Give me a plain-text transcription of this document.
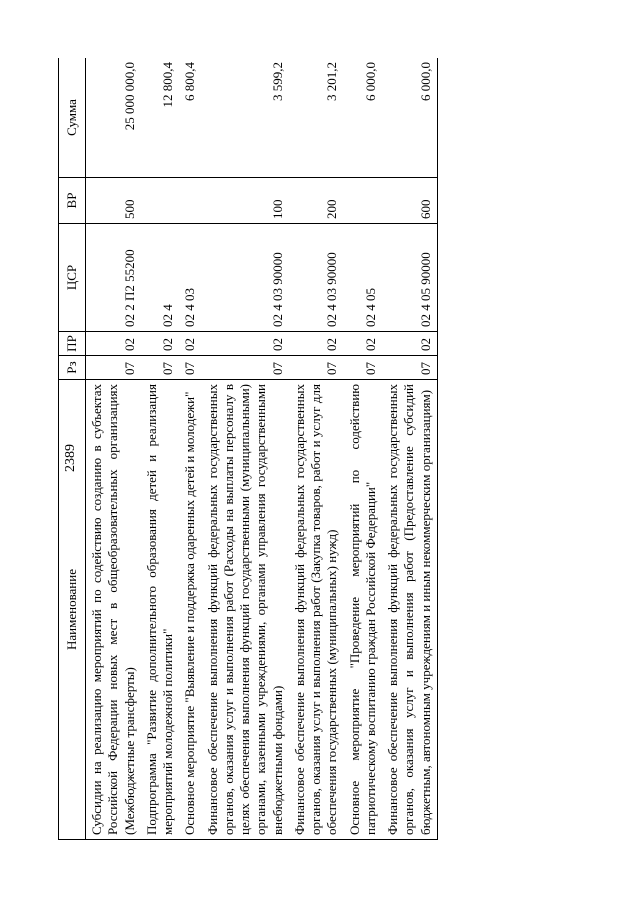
2389
Наименование	Рз	ПР	ЦСР	ВР	Сумма
Субсидии на реализацию мероприятий по содействию созданию в субъектах Российской Федерации новых мест в общеобразовательных организациях (Межбюджетные трансферты)	07	02	02 2 П2 55200	500	25 000 000,0
Подпрограмма "Развитие дополнительного образования детей и реализация мероприятий молодежной политики"	07	02	02 4		12 800,4
Основное мероприятие "Выявление и поддержка одаренных детей и молодежи"	07	02	02 4 03		6 800,4
Финансовое обеспечение выполнения функций федеральных государственных органов, оказания услуг и выполнения работ (Расходы на выплаты персоналу в целях обеспечения выполнения функций государственными (муниципальными) органами, казенными учреждениями, органами управления государственными внебюджетными фондами)	07	02	02 4 03 90000	100	3 599,2
Финансовое обеспечение выполнения функций федеральных государственных органов, оказания услуг и выполнения работ (Закупка товаров, работ и услуг для обеспечения государственных (муниципальных) нужд)	07	02	02 4 03 90000	200	3 201,2
Основное мероприятие "Проведение мероприятий по содействию патриотическому воспитанию граждан Российской Федерации"	07	02	02 4 05		6 000,0
Финансовое обеспечение выполнения функций федеральных государственных органов, оказания услуг и выполнения работ (Предоставление субсидий бюджетным, автономным учреждениям и иным некоммерческим организациям)	07	02	02 4 05 90000	600	6 000,0
